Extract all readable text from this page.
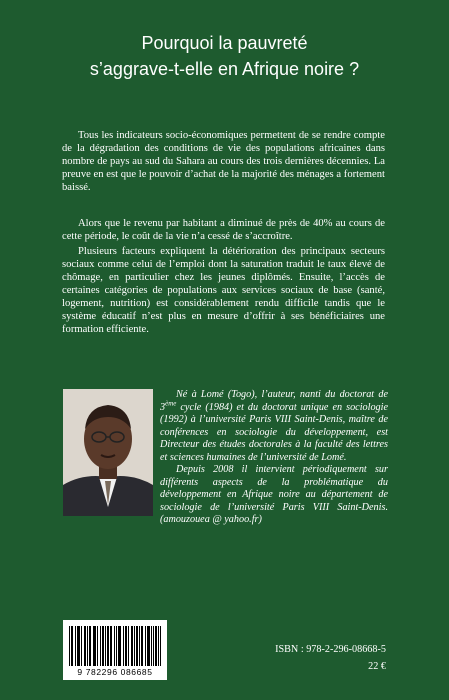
Pourquoi la pauvreté
s’aggrave-t-elle en Afrique noire ?

Tous les indicateurs socio-économiques permettent de se rendre compte de la dégradation des conditions de vie des populations africaines dans nombre de pays au sud du Sahara au cours des trois dernières décennies. La preuve en est que le pouvoir d’achat de la majorité des ménages a fortement baissé.

Alors que le revenu par habitant a diminué de près de 40% au cours de cette période, le coût de la vie n’a cessé de s’accroître.

Plusieurs facteurs expliquent la détérioration des principaux secteurs sociaux comme celui de l’emploi dont la saturation traduit le taux élevé de chômage, en particulier chez les jeunes diplômés. Ensuite, l’accès de certaines catégories de populations aux services sociaux de base (santé, logement, nutrition) est considérablement rendu difficile tandis que le système éducatif n’est plus en mesure d’offrir à ses bénéficiaires une formation efficiente.

Né à Lomé (Togo), l’auteur, nanti du doctorat de 3ème cycle (1984) et du doctorat unique en sociologie (1992) à l’université Paris VIII Saint-Denis, maître de conférences en sociologie du développement, est Directeur des études doctorales à la faculté des lettres et sciences humaines de l’université de Lomé.

Depuis 2008 il intervient périodiquement sur différents aspects de la problématique du développement en Afrique noire au département de sociologie de l’université Paris VIII Saint-Denis.(amouzouea @ yahoo.fr)

9 782296 086685
ISBN : 978-2-296-08668-5
22 €
